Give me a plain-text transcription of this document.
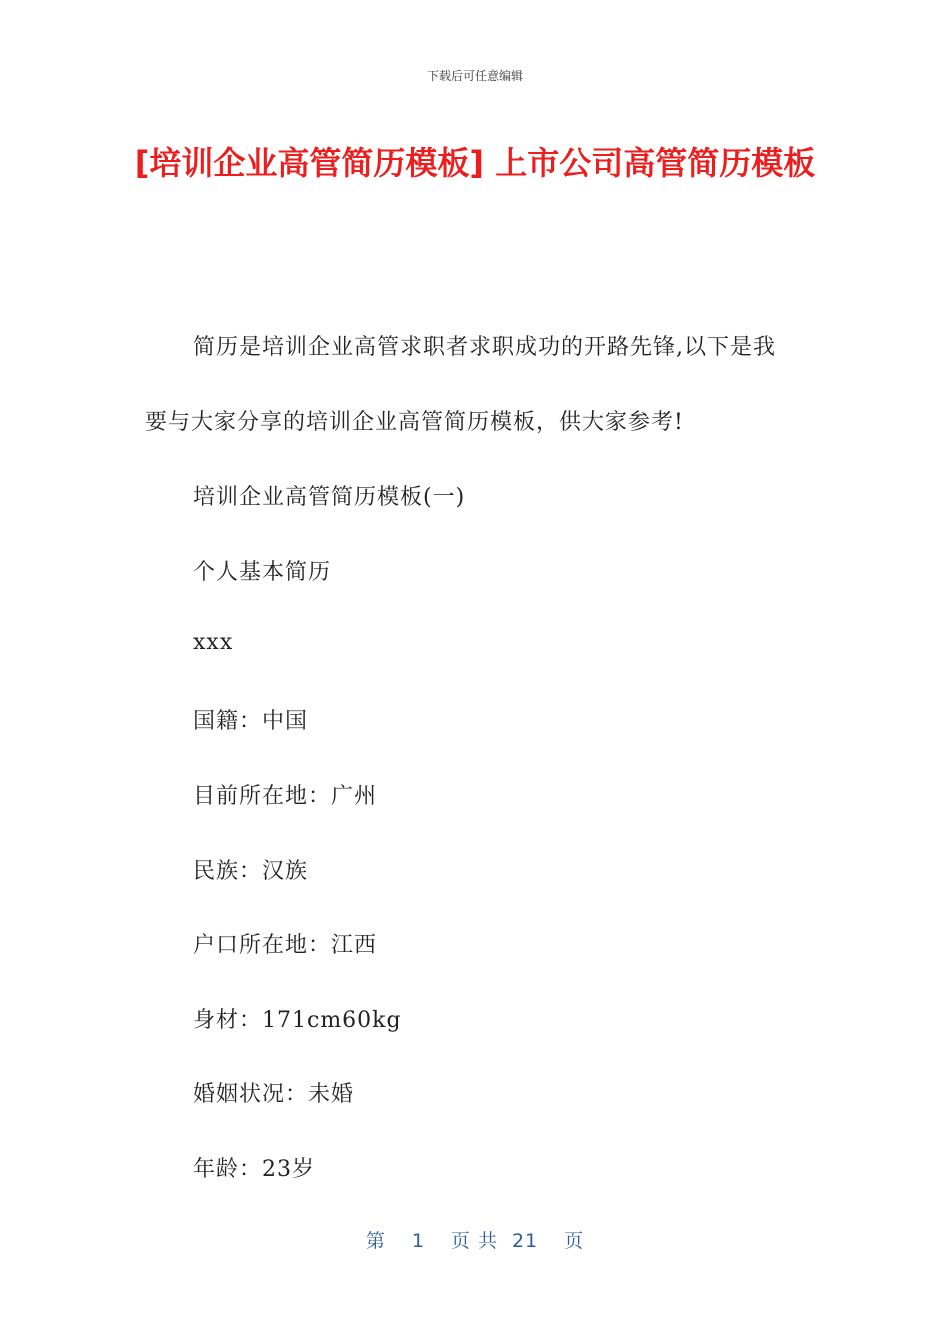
下载后可任意编辑
[培训企业高管简历模板] 上市公司高管简历模板
简历是培训企业高管求职者求职成功的开路先锋,以下是我
要与大家分享的培训企业高管简历模板，供大家参考!
培训企业高管简历模板(一)
个人基本简历
xxx
国籍：中国
目前所在地：广州
民族：汉族
户口所在地：江西
身材：171cm60kg
婚姻状况：未婚
年龄：23岁
第 1 页 共 21 页
